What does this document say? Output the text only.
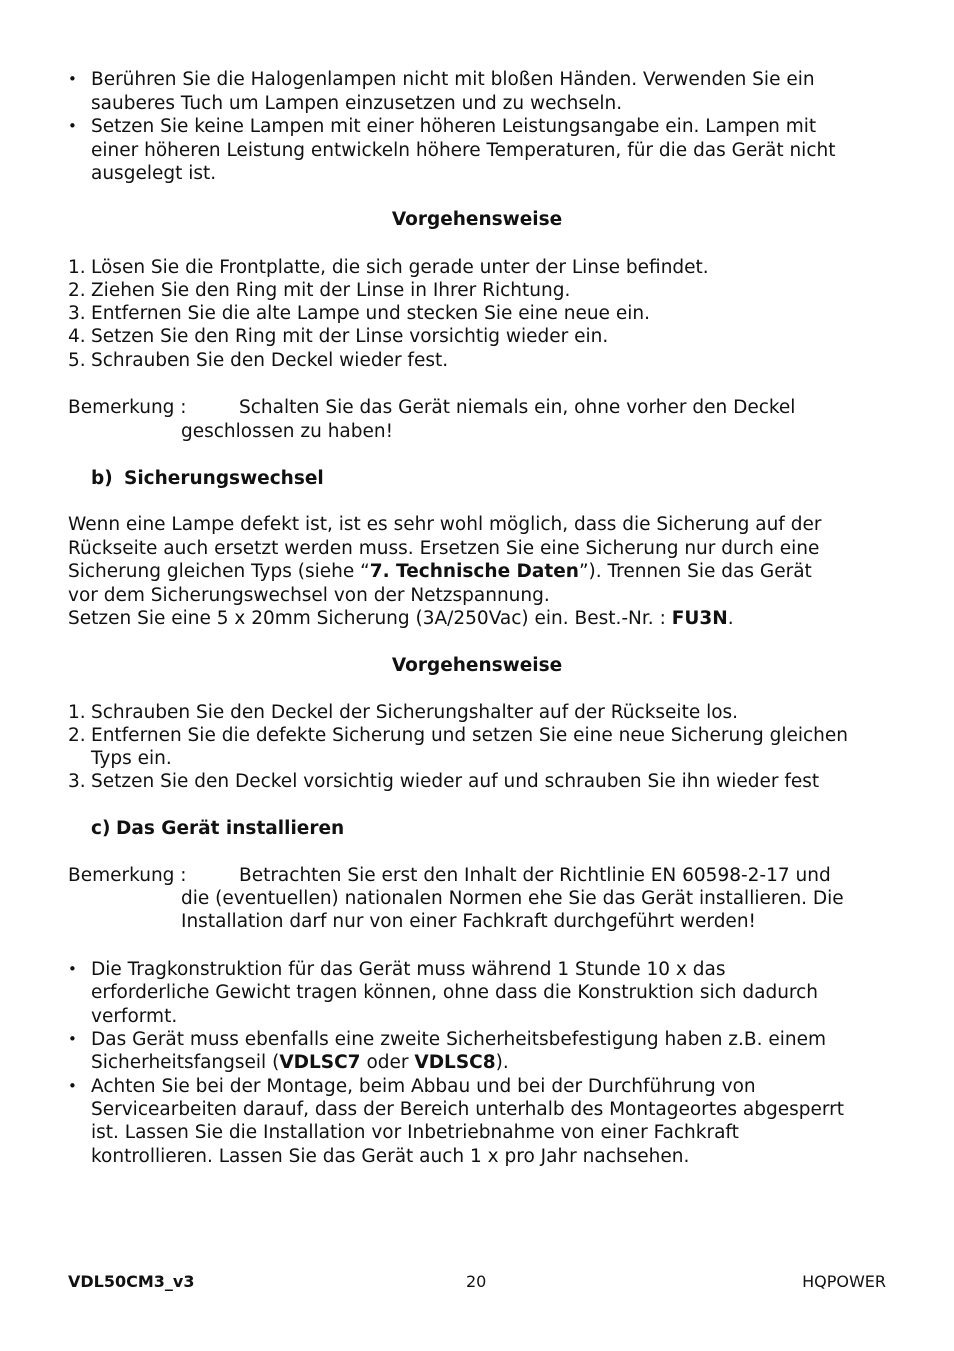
• Berühren Sie die Halogenlampen nicht mit bloßen Händen. Verwenden Sie ein
sauberes Tuch um Lampen einzusetzen und zu wechseln.
• Setzen Sie keine Lampen mit einer höheren Leistungsangabe ein. Lampen mit
einer höheren Leistung entwickeln höhere Temperaturen, für die das Gerät nicht
ausgelegt ist.
Vorgehensweise
1. Lösen Sie die Frontplatte, die sich gerade unter der Linse befindet.
2. Ziehen Sie den Ring mit der Linse in Ihrer Richtung.
3. Entfernen Sie die alte Lampe und stecken Sie eine neue ein.
4. Setzen Sie den Ring mit der Linse vorsichtig wieder ein.
5. Schrauben Sie den Deckel wieder fest.
Bemerkung :	Schalten Sie das Gerät niemals ein, ohne vorher den Deckel
geschlossen zu haben!
b) Sicherungswechsel
Wenn eine Lampe defekt ist, ist es sehr wohl möglich, dass die Sicherung auf der
Rückseite auch ersetzt werden muss. Ersetzen Sie eine Sicherung nur durch eine
Sicherung gleichen Typs (siehe “7. Technische Daten”). Trennen Sie das Gerät
vor dem Sicherungswechsel von der Netzspannung.
Setzen Sie eine 5 x 20mm Sicherung (3A/250Vac) ein. Best.-Nr. : FU3N.
Vorgehensweise
1. Schrauben Sie den Deckel der Sicherungshalter auf der Rückseite los.
2. Entfernen Sie die defekte Sicherung und setzen Sie eine neue Sicherung gleichen
Typs ein.
3. Setzen Sie den Deckel vorsichtig wieder auf und schrauben Sie ihn wieder fest
c) Das Gerät installieren
Bemerkung :	Betrachten Sie erst den Inhalt der Richtlinie EN 60598-2-17 und
die (eventuellen) nationalen Normen ehe Sie das Gerät installieren. Die
Installation darf nur von einer Fachkraft durchgeführt werden!
• Die Tragkonstruktion für das Gerät muss während 1 Stunde 10 x das
erforderliche Gewicht tragen können, ohne dass die Konstruktion sich dadurch
verformt.
• Das Gerät muss ebenfalls eine zweite Sicherheitsbefestigung haben z.B. einem
Sicherheitsfangseil (VDLSC7 oder VDLSC8).
• Achten Sie bei der Montage, beim Abbau und bei der Durchführung von
Servicearbeiten darauf, dass der Bereich unterhalb des Montageortes abgesperrt
ist. Lassen Sie die Installation vor Inbetriebnahme von einer Fachkraft
kontrollieren. Lassen Sie das Gerät auch 1 x pro Jahr nachsehen.
VDL50CM3_v3	20	HQPOWER
